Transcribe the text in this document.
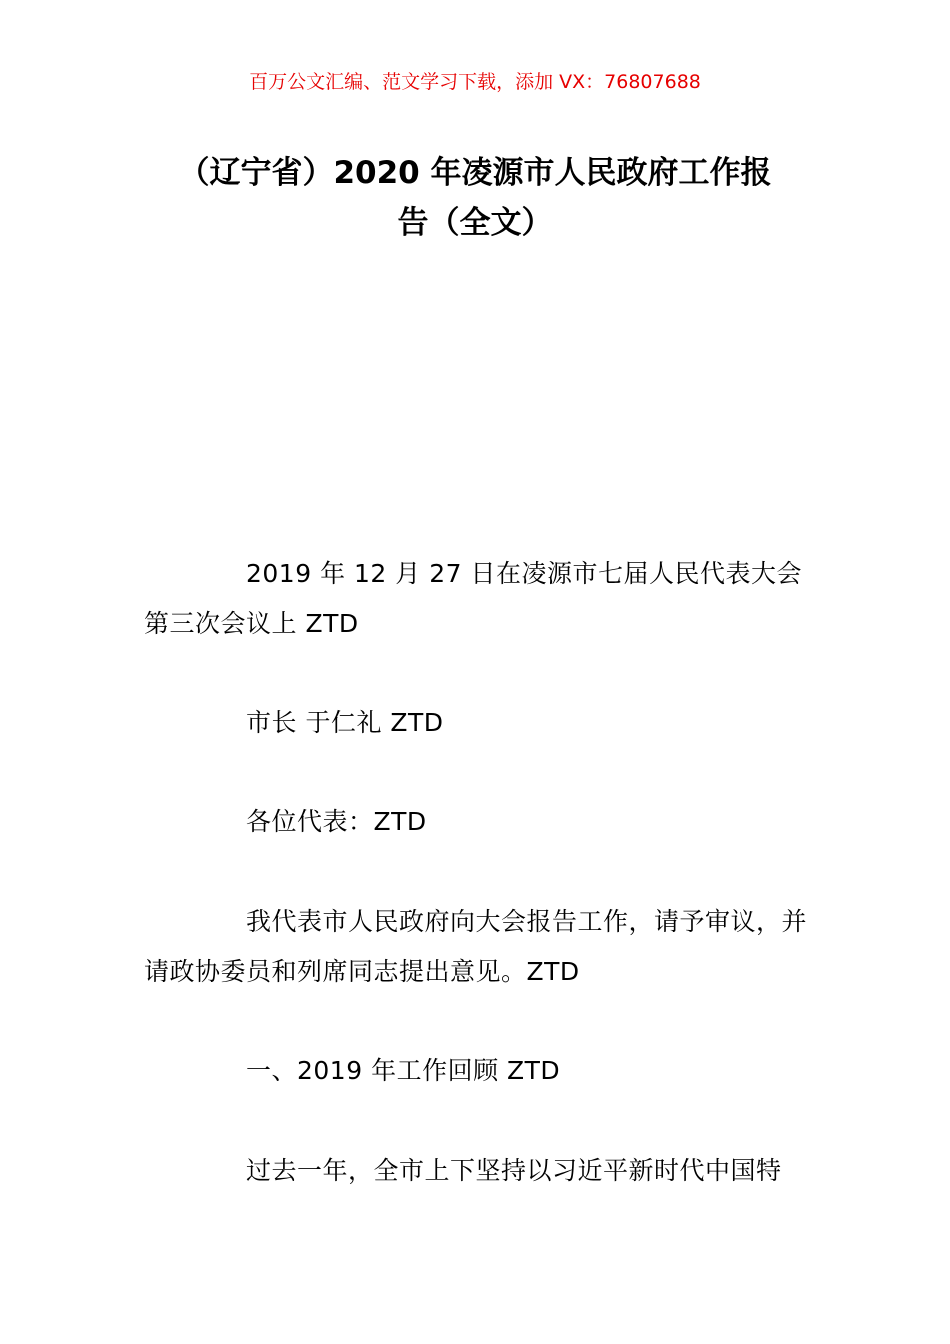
百万公文汇编、范文学习下载，添加 VX：76807688
（辽宁省）2020 年凌源市人民政府工作报
告（全文）

2019 年 12 月 27 日在凌源市七届人民代表大会第三次会议上 ZTD

市长 于仁礼 ZTD

各位代表：ZTD

我代表市人民政府向大会报告工作，请予审议，并请政协委员和列席同志提出意见。ZTD

一、2019 年工作回顾 ZTD

过去一年，全市上下坚持以习近平新时代中国特
